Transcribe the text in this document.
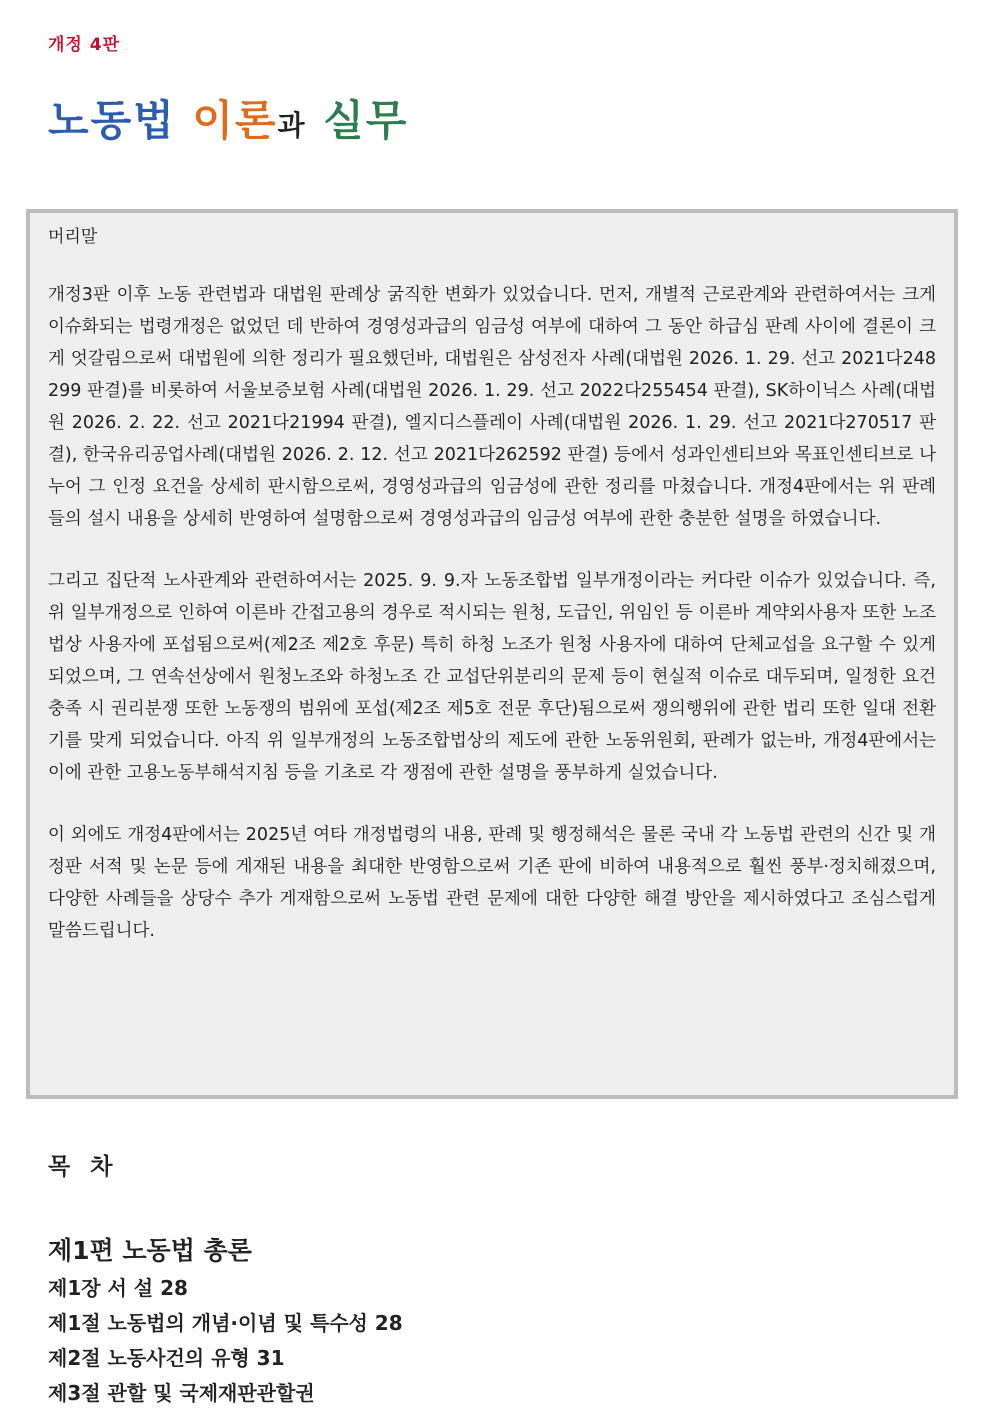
개정 4판
노동법 이론과 실무

머리말

개정3판 이후 노동 관련법과 대법원 판례상 굵직한 변화가 있었습니다. 먼저, 개별적 근로관계와 관련하여서는 크게 이슈화되는 법령개정은 없었던 데 반하여 경영성과급의 임금성 여부에 대하여 그 동안 하급심 판례 사이에 결론이 크게 엇갈림으로써 대법원에 의한 정리가 필요했던바, 대법원은 삼성전자 사례(대법원 2026. 1. 29. 선고 2021다248299 판결)를 비롯하여 서울보증보험 사례(대법원 2026. 1. 29. 선고 2022다255454 판결), SK하이닉스 사례(대법원 2026. 2. 22. 선고 2021다21994 판결), 엘지디스플레이 사례(대법원 2026. 1. 29. 선고 2021다270517 판결), 한국유리공업사례(대법원 2026. 2. 12. 선고 2021다262592 판결) 등에서 성과인센티브와 목표인센티브로 나누어 그 인정 요건을 상세히 판시함으로써, 경영성과급의 임금성에 관한 정리를 마쳤습니다. 개정4판에서는 위 판례들의 설시 내용을 상세히 반영하여 설명함으로써 경영성과급의 임금성 여부에 관한 충분한 설명을 하였습니다.

그리고 집단적 노사관계와 관련하여서는 2025. 9. 9.자 노동조합법 일부개정이라는 커다란 이슈가 있었습니다. 즉, 위 일부개정으로 인하여 이른바 간접고용의 경우로 적시되는 원청, 도급인, 위임인 등 이른바 계약외사용자 또한 노조법상 사용자에 포섭됨으로써(제2조 제2호 후문) 특히 하청 노조가 원청 사용자에 대하여 단체교섭을 요구할 수 있게 되었으며, 그 연속선상에서 원청노조와 하청노조 간 교섭단위분리의 문제 등이 현실적 이슈로 대두되며, 일정한 요건 충족 시 권리분쟁 또한 노동쟁의 범위에 포섭(제2조 제5호 전문 후단)됨으로써 쟁의행위에 관한 법리 또한 일대 전환기를 맞게 되었습니다. 아직 위 일부개정의 노동조합법상의 제도에 관한 노동위원회, 판례가 없는바, 개정4판에서는 이에 관한 고용노동부해석지침 등을 기초로 각 쟁점에 관한 설명을 풍부하게 실었습니다.

이 외에도 개정4판에서는 2025년 여타 개정법령의 내용, 판례 및 행정해석은 물론 국내 각 노동법 관련의 신간 및 개정판 서적 및 논문 등에 게재된 내용을 최대한 반영함으로써 기존 판에 비하여 내용적으로 훨씬 풍부·정치해졌으며, 다양한 사례들을 상당수 추가 게재함으로써 노동법 관련 문제에 대한 다양한 해결 방안을 제시하였다고 조심스럽게 말씀드립니다.

목 차
제1편 노동법 총론
제1장 서 설 28
제1절 노동법의 개념·이념 및 특수성 28
제2절 노동사건의 유형 31
제3절 관할 및 국제재판관할권
